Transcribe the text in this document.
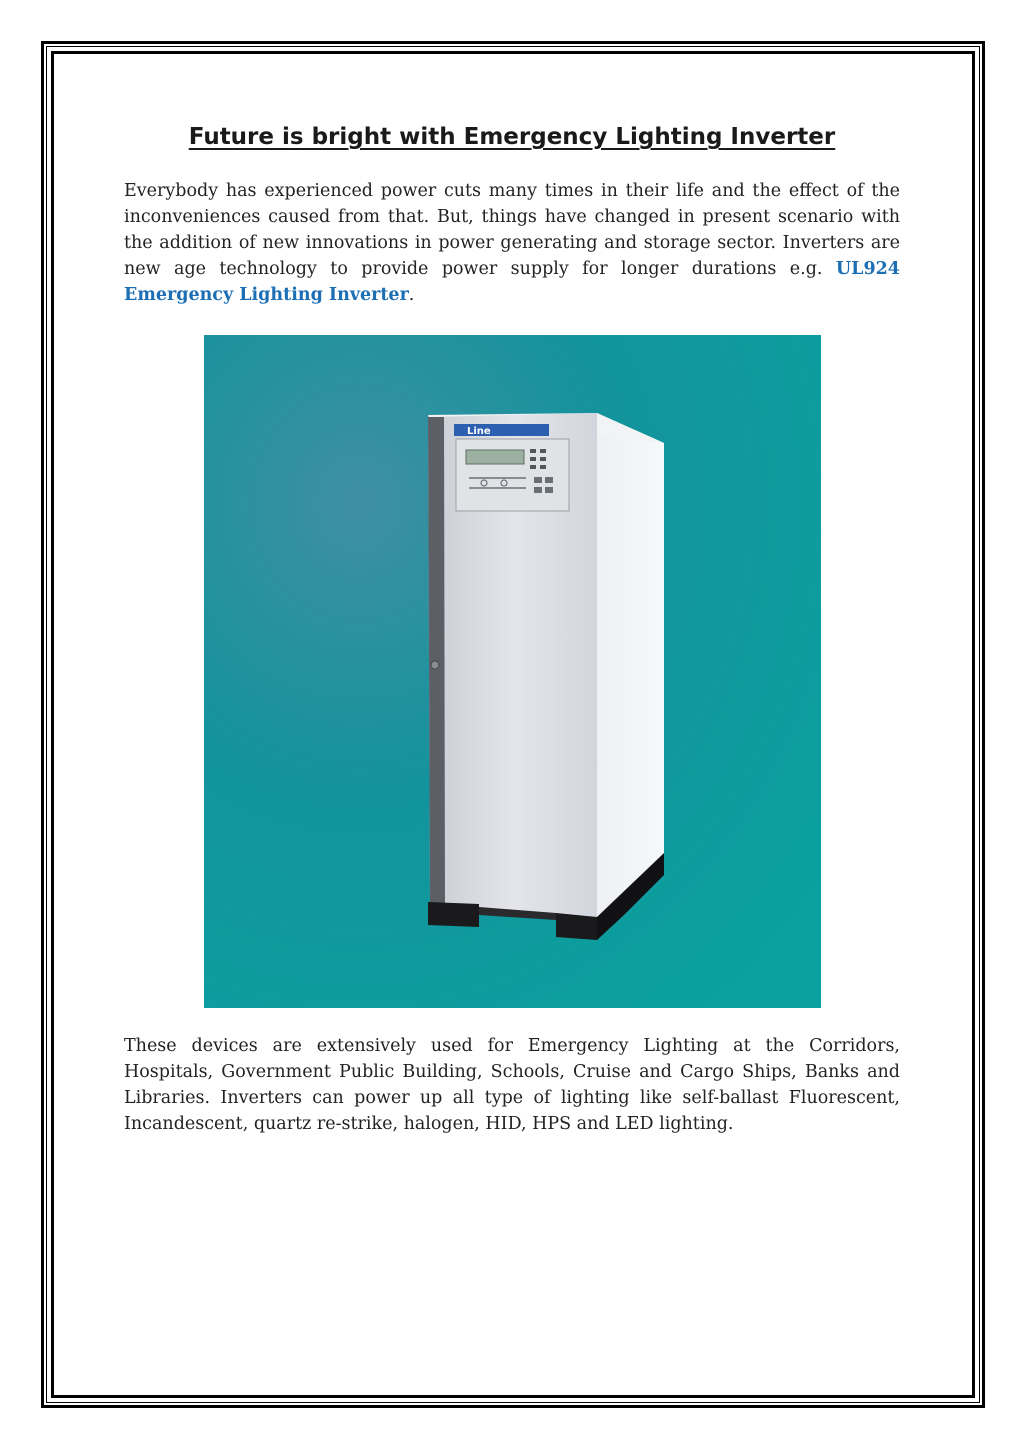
Future is bright with Emergency Lighting Inverter

Everybody has experienced power cuts many times in their life and the effect of the inconveniences caused from that. But, things have changed in present scenario with the addition of new innovations in power generating and storage sector. Inverters are new age technology to provide power supply for longer durations e.g. UL924 Emergency Lighting Inverter.

Line

These devices are extensively used for Emergency Lighting at the Corridors, Hospitals, Government Public Building, Schools, Cruise and Cargo Ships, Banks and Libraries. Inverters can power up all type of lighting like self-ballast Fluorescent, Incandescent, quartz re-strike, halogen, HID, HPS and LED lighting.
